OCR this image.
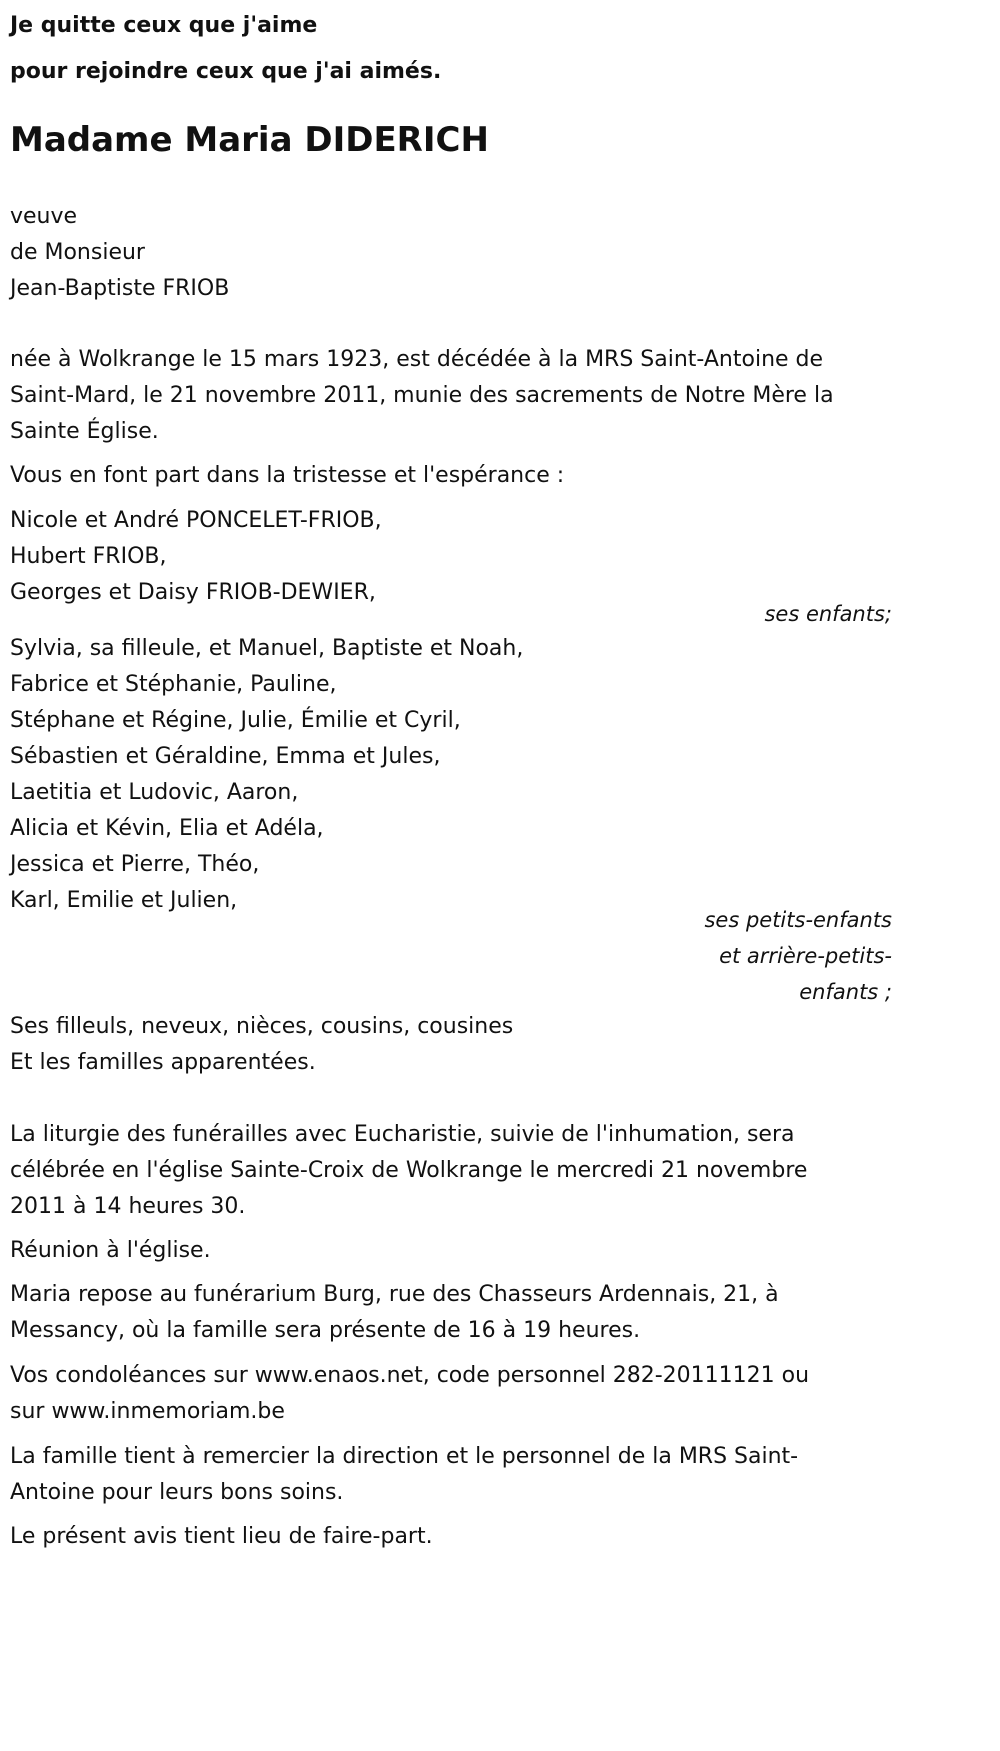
Je quitte ceux que j'aime
pour rejoindre ceux que j'ai aimés.
Madame Maria DIDERICH
veuve
de Monsieur
Jean-Baptiste FRIOB
née à Wolkrange le 15 mars 1923, est décédée à la MRS Saint-Antoine de
Saint-Mard, le 21 novembre 2011, munie des sacrements de Notre Mère la
Sainte Église.
Vous en font part dans la tristesse et l'espérance :
Nicole et André PONCELET-FRIOB,
Hubert FRIOB,
Georges et Daisy FRIOB-DEWIER,
ses enfants;
Sylvia, sa filleule, et Manuel, Baptiste et Noah,
Fabrice et Stéphanie, Pauline,
Stéphane et Régine, Julie, Émilie et Cyril,
Sébastien et Géraldine, Emma et Jules,
Laetitia et Ludovic, Aaron,
Alicia et Kévin, Elia et Adéla,
Jessica et Pierre, Théo,
Karl, Emilie et Julien,
ses petits-enfants
et arrière-petits-
enfants ;
Ses filleuls, neveux, nièces, cousins, cousines
Et les familles apparentées.
La liturgie des funérailles avec Eucharistie, suivie de l'inhumation, sera
célébrée en l'église Sainte-Croix de Wolkrange le mercredi 21 novembre
2011 à 14 heures 30.
Réunion à l'église.
Maria repose au funérarium Burg, rue des Chasseurs Ardennais, 21, à
Messancy, où la famille sera présente de 16 à 19 heures.
Vos condoléances sur www.enaos.net, code personnel 282-20111121 ou
sur www.inmemoriam.be
La famille tient à remercier la direction et le personnel de la MRS Saint-
Antoine pour leurs bons soins.
Le présent avis tient lieu de faire-part.
